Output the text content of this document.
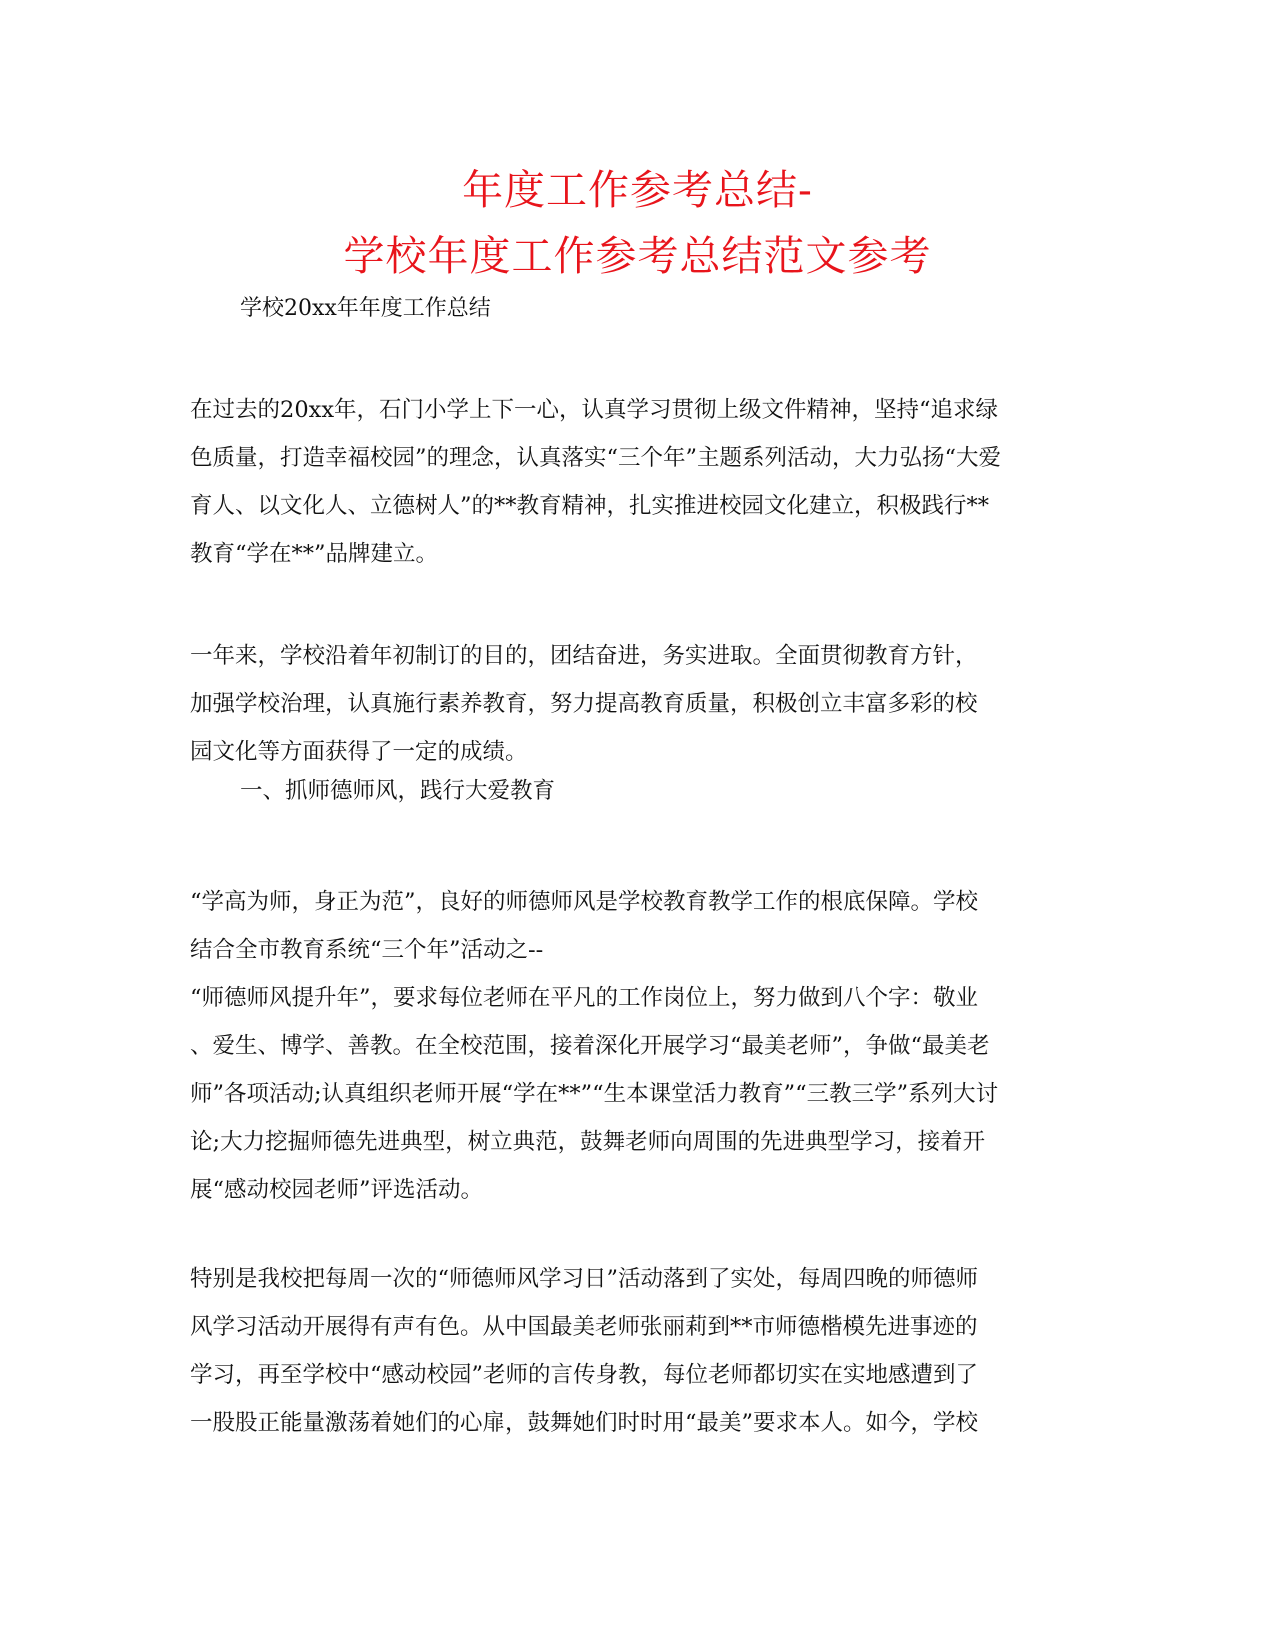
年度工作参考总结-
学校年度工作参考总结范文参考
学校20xx年年度工作总结
在过去的20xx年，石门小学上下一心，认真学习贯彻上级文件精神，坚持“追求绿
色质量，打造幸福校园”的理念，认真落实“三个年”主题系列活动，大力弘扬“大爱
育人、以文化人、立德树人”的**教育精神，扎实推进校园文化建立，积极践行**
教育“学在**”品牌建立。
一年来，学校沿着年初制订的目的，团结奋进，务实进取。全面贯彻教育方针，
加强学校治理，认真施行素养教育，努力提高教育质量，积极创立丰富多彩的校
园文化等方面获得了一定的成绩。
一、抓师德师风，践行大爱教育
“学高为师，身正为范”，良好的师德师风是学校教育教学工作的根底保障。学校
结合全市教育系统“三个年”活动之--
“师德师风提升年”，要求每位老师在平凡的工作岗位上，努力做到八个字：敬业
、爱生、博学、善教。在全校范围，接着深化开展学习“最美老师”，争做“最美老
师”各项活动;认真组织老师开展“学在**”“生本课堂活力教育”“三教三学”系列大讨
论;大力挖掘师德先进典型，树立典范，鼓舞老师向周围的先进典型学习，接着开
展“感动校园老师”评选活动。
特别是我校把每周一次的“师德师风学习日”活动落到了实处，每周四晚的师德师
风学习活动开展得有声有色。从中国最美老师张丽莉到**市师德楷模先进事迹的
学习，再至学校中“感动校园”老师的言传身教，每位老师都切实在实地感遭到了
一股股正能量激荡着她们的心扉，鼓舞她们时时用“最美”要求本人。如今，学校
